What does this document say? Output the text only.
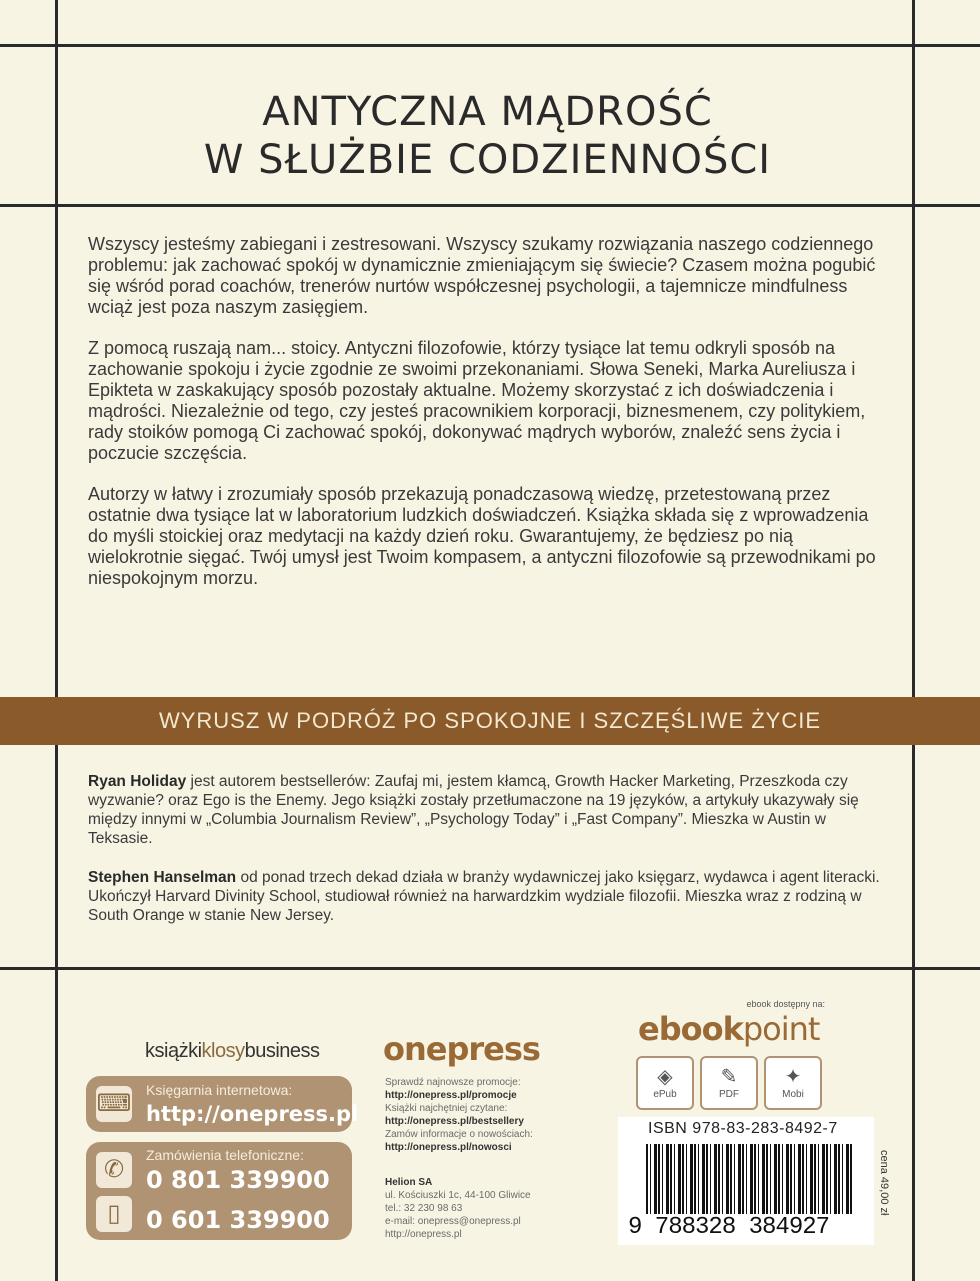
ANTYCZNA MĄDROŚĆ
W SŁUŻBIE CODZIENNOŚCI

Wszyscy jesteśmy zabiegani i zestresowani. Wszyscy szukamy rozwiązania naszego codziennego problemu: jak zachować spokój w dynamicznie zmieniającym się świecie? Czasem można pogubić się wśród porad coachów, trenerów nurtów współczesnej psychologii, a tajemnicze mindfulness wciąż jest poza naszym zasięgiem.

Z pomocą ruszają nam... stoicy. Antyczni filozofowie, którzy tysiące lat temu odkryli sposób na zachowanie spokoju i życie zgodnie ze swoimi przekonaniami. Słowa Seneki, Marka Aureliusza i Epikteta w zaskakujący sposób pozostały aktualne. Możemy skorzystać z ich doświadczenia i mądrości. Niezależnie od tego, czy jesteś pracownikiem korporacji, biznesmenem, czy politykiem, rady stoików pomogą Ci zachować spokój, dokonywać mądrych wyborów, znaleźć sens życia i poczucie szczęścia.

Autorzy w łatwy i zrozumiały sposób przekazują ponadczasową wiedzę, przetestowaną przez ostatnie dwa tysiące lat w laboratorium ludzkich doświadczeń. Książka składa się z wprowadzenia do myśli stoickiej oraz medytacji na każdy dzień roku. Gwarantujemy, że będziesz po nią wielokrotnie sięgać. Twój umysł jest Twoim kompasem, a antyczni filozofowie są przewodnikami po niespokojnym morzu.

WYRUSZ W PODRÓŻ PO SPOKOJNE I SZCZĘŚLIWE ŻYCIE
Ryan Holiday jest autorem bestsellerów: Zaufaj mi, jestem kłamcą, Growth Hacker Marketing, Przeszkoda czy wyzwanie? oraz Ego is the Enemy. Jego książki zostały przetłumaczone na 19 języków, a artykuły ukazywały się między innymi w „Columbia Journalism Review”, „Psychology Today” i „Fast Company”. Mieszka w Austin w Teksasie.
Stephen Hanselman od ponad trzech dekad działa w branży wydawniczej jako księgarz, wydawca i agent literacki. Ukończył Harvard Divinity School, studiował również na harwardzkim wydziale filozofii. Mieszka wraz z rodziną w South Orange w stanie New Jersey.
książkiklosybusiness
⌨ Księgarnia internetowa:
http://onepress.pl
✆
▯
Zamówienia telefoniczne:
0 801 339900
0 601 339900
onepress
Sprawdź najnowsze promocje:
http://onepress.pl/promocje
Książki najchętniej czytane:
http://onepress.pl/bestsellery
Zamów informacje o nowościach:
http://onepress.pl/nowosci
Helion SA
ul. Kościuszki 1c, 44-100 Gliwice
tel.: 32 230 98 63
e-mail: onepress@onepress.pl
http://onepress.pl
ebook dostępny na:
ebookpoint
◈
ePub
✎
PDF
✦
Mobi
ISBN 978-83-283-8492-7
9 788328 384927
cena 49,00 zł
